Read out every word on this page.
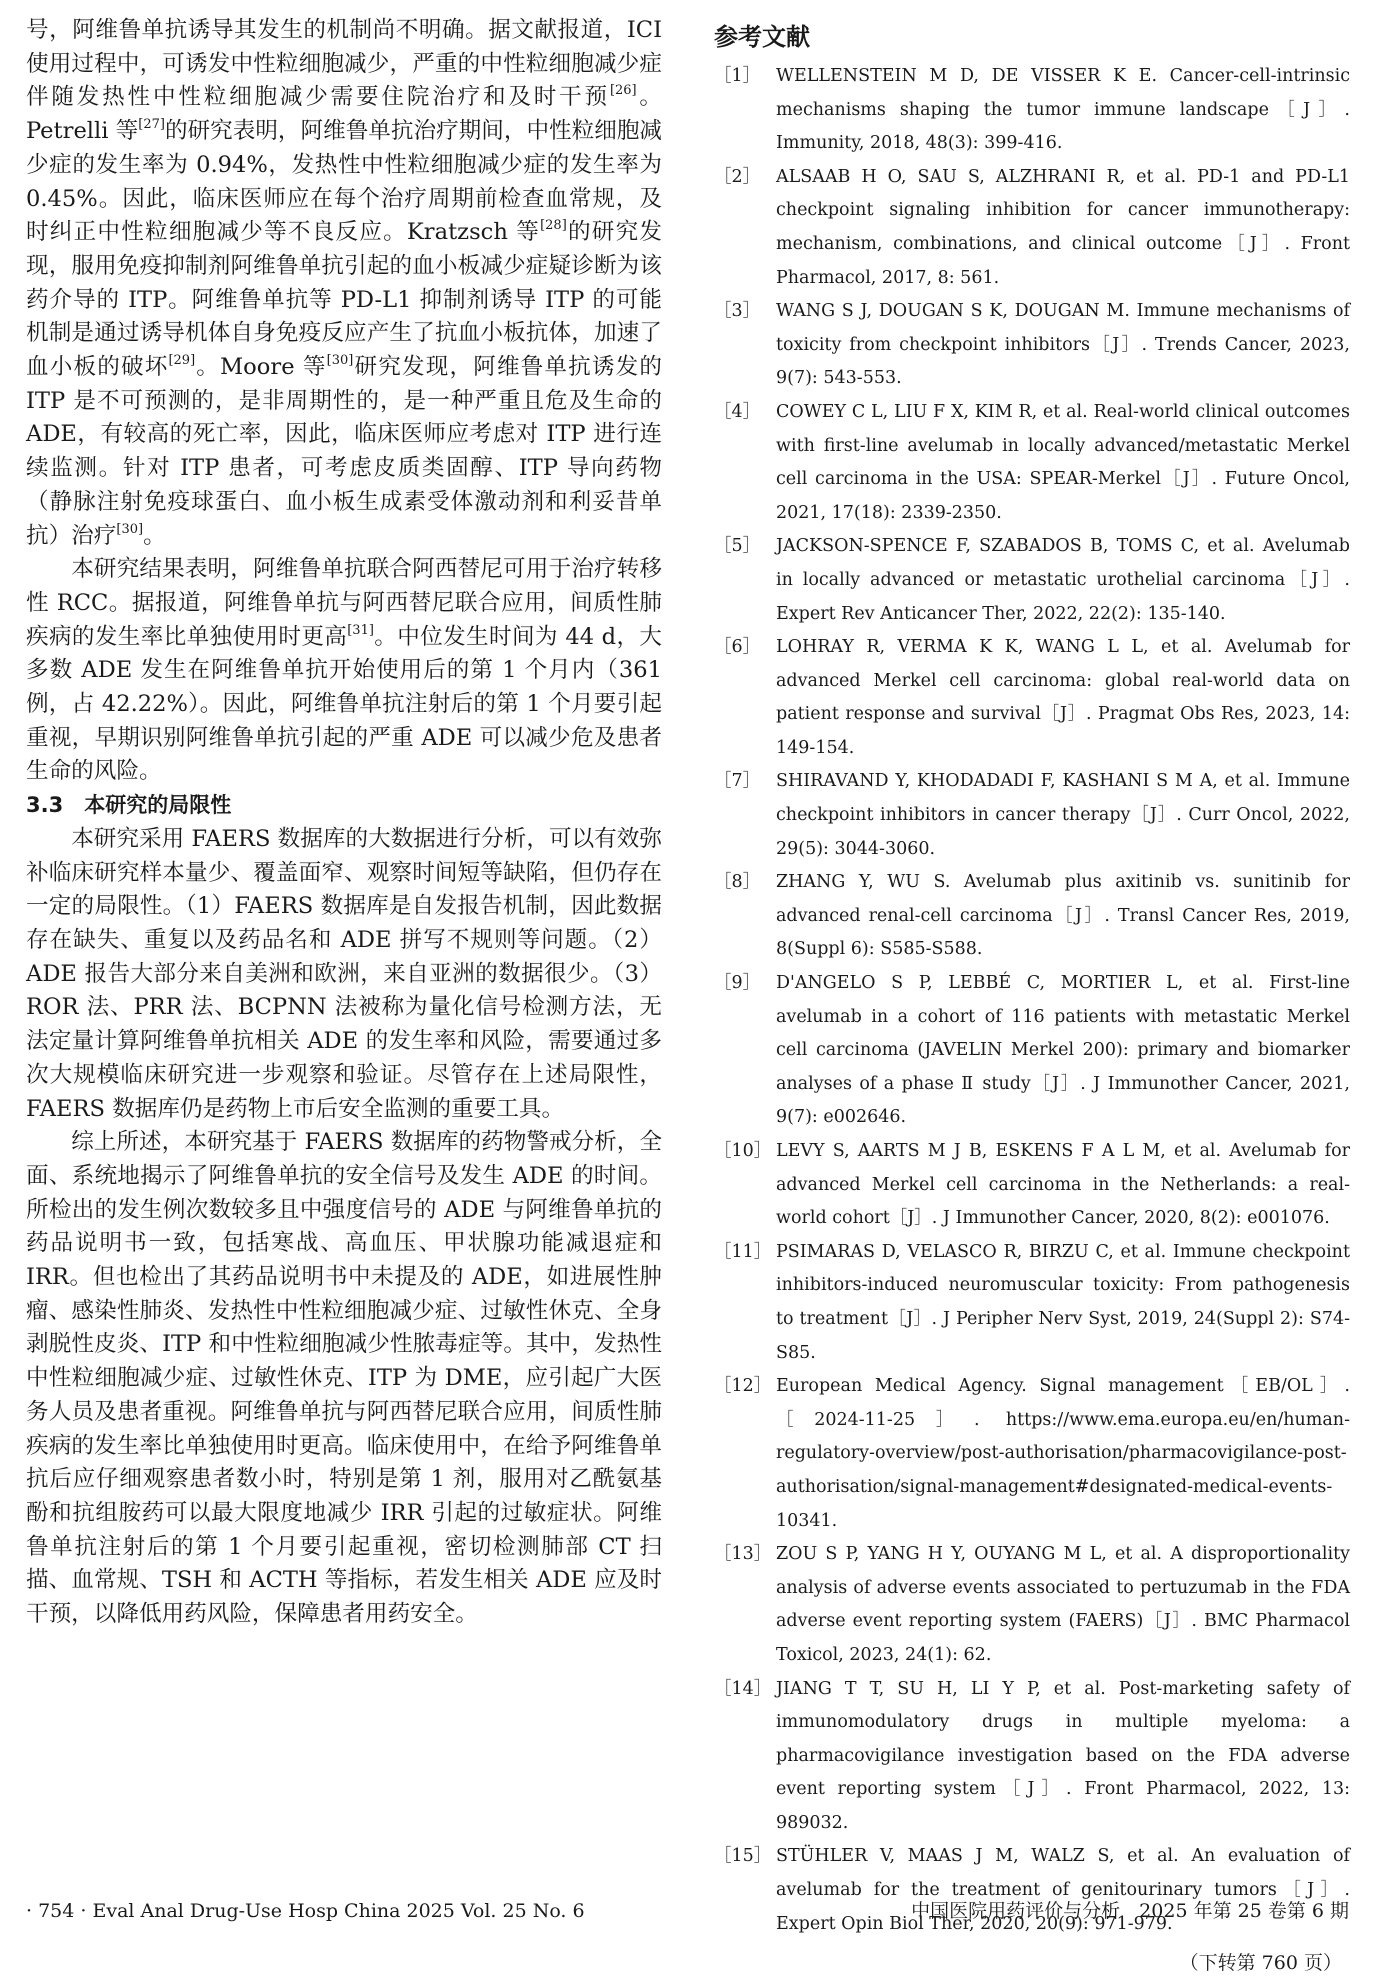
号，阿维鲁单抗诱导其发生的机制尚不明确。据文献报道，ICI使用过程中，可诱发中性粒细胞减少，严重的中性粒细胞减少症伴随发热性中性粒细胞减少需要住院治疗和及时干预[26]。Petrelli 等[27]的研究表明，阿维鲁单抗治疗期间，中性粒细胞减少症的发生率为 0.94%，发热性中性粒细胞减少症的发生率为 0.45%。因此，临床医师应在每个治疗周期前检查血常规，及时纠正中性粒细胞减少等不良反应。Kratzsch 等[28]的研究发现，服用免疫抑制剂阿维鲁单抗引起的血小板减少症疑诊断为该药介导的 ITP。阿维鲁单抗等 PD-L1 抑制剂诱导 ITP 的可能机制是通过诱导机体自身免疫反应产生了抗血小板抗体，加速了血小板的破坏[29]。Moore 等[30]研究发现，阿维鲁单抗诱发的 ITP 是不可预测的，是非周期性的，是一种严重且危及生命的 ADE，有较高的死亡率，因此，临床医师应考虑对 ITP 进行连续监测。针对 ITP 患者，可考虑皮质类固醇、ITP 导向药物（静脉注射免疫球蛋白、血小板生成素受体激动剂和利妥昔单抗）治疗[30]。

本研究结果表明，阿维鲁单抗联合阿西替尼可用于治疗转移性 RCC。据报道，阿维鲁单抗与阿西替尼联合应用，间质性肺疾病的发生率比单独使用时更高[31]。中位发生时间为 44 d，大多数 ADE 发生在阿维鲁单抗开始使用后的第 1 个月内（361 例，占 42.22%）。因此，阿维鲁单抗注射后的第 1 个月要引起重视，早期识别阿维鲁单抗引起的严重 ADE 可以减少危及患者生命的风险。

3.3　本研究的局限性

本研究采用 FAERS 数据库的大数据进行分析，可以有效弥补临床研究样本量少、覆盖面窄、观察时间短等缺陷，但仍存在一定的局限性。（1）FAERS 数据库是自发报告机制，因此数据存在缺失、重复以及药品名和 ADE 拼写不规则等问题。（2）ADE 报告大部分来自美洲和欧洲，来自亚洲的数据很少。（3）ROR 法、PRR 法、BCPNN 法被称为量化信号检测方法，无法定量计算阿维鲁单抗相关 ADE 的发生率和风险，需要通过多次大规模临床研究进一步观察和验证。尽管存在上述局限性，FAERS 数据库仍是药物上市后安全监测的重要工具。

综上所述，本研究基于 FAERS 数据库的药物警戒分析，全面、系统地揭示了阿维鲁单抗的安全信号及发生 ADE 的时间。所检出的发生例次数较多且中强度信号的 ADE 与阿维鲁单抗的药品说明书一致，包括寒战、高血压、甲状腺功能减退症和 IRR。但也检出了其药品说明书中未提及的 ADE，如进展性肿瘤、感染性肺炎、发热性中性粒细胞减少症、过敏性休克、全身剥脱性皮炎、ITP 和中性粒细胞减少性脓毒症等。其中，发热性中性粒细胞减少症、过敏性休克、ITP 为 DME，应引起广大医务人员及患者重视。阿维鲁单抗与阿西替尼联合应用，间质性肺疾病的发生率比单独使用时更高。临床使用中，在给予阿维鲁单抗后应仔细观察患者数小时，特别是第 1 剂，服用对乙酰氨基酚和抗组胺药可以最大限度地减少 IRR 引起的过敏症状。阿维鲁单抗注射后的第 1 个月要引起重视，密切检测肺部 CT 扫描、血常规、TSH 和 ACTH 等指标，若发生相关 ADE 应及时干预，以降低用药风险，保障患者用药安全。

参考文献
［1］ WELLENSTEIN M D, DE VISSER K E. Cancer-cell-intrinsic mechanisms shaping the tumor immune landscape［J］. Immunity, 2018, 48(3): 399-416.
［2］ ALSAAB H O, SAU S, ALZHRANI R, et al. PD-1 and PD-L1 checkpoint signaling inhibition for cancer immunotherapy: mechanism, combinations, and clinical outcome［J］. Front Pharmacol, 2017, 8: 561.
［3］ WANG S J, DOUGAN S K, DOUGAN M. Immune mechanisms of toxicity from checkpoint inhibitors［J］. Trends Cancer, 2023, 9(7): 543-553.
［4］ COWEY C L, LIU F X, KIM R, et al. Real-world clinical outcomes with first-line avelumab in locally advanced/metastatic Merkel cell carcinoma in the USA: SPEAR-Merkel［J］. Future Oncol, 2021, 17(18): 2339-2350.
［5］ JACKSON-SPENCE F, SZABADOS B, TOMS C, et al. Avelumab in locally advanced or metastatic urothelial carcinoma［J］. Expert Rev Anticancer Ther, 2022, 22(2): 135-140.
［6］ LOHRAY R, VERMA K K, WANG L L, et al. Avelumab for advanced Merkel cell carcinoma: global real-world data on patient response and survival［J］. Pragmat Obs Res, 2023, 14: 149-154.
［7］ SHIRAVAND Y, KHODADADI F, KASHANI S M A, et al. Immune checkpoint inhibitors in cancer therapy［J］. Curr Oncol, 2022, 29(5): 3044-3060.
［8］ ZHANG Y, WU S. Avelumab plus axitinib vs. sunitinib for advanced renal-cell carcinoma［J］. Transl Cancer Res, 2019, 8(Suppl 6): S585-S588.
［9］ D'ANGELO S P, LEBBÉ C, MORTIER L, et al. First-line avelumab in a cohort of 116 patients with metastatic Merkel cell carcinoma (JAVELIN Merkel 200): primary and biomarker analyses of a phase Ⅱ study［J］. J Immunother Cancer, 2021, 9(7): e002646.
［10］ LEVY S, AARTS M J B, ESKENS F A L M, et al. Avelumab for advanced Merkel cell carcinoma in the Netherlands: a real-world cohort［J］. J Immunother Cancer, 2020, 8(2): e001076.
［11］ PSIMARAS D, VELASCO R, BIRZU C, et al. Immune checkpoint inhibitors-induced neuromuscular toxicity: From pathogenesis to treatment［J］. J Peripher Nerv Syst, 2019, 24(Suppl 2): S74-S85.
［12］ European Medical Agency. Signal management［EB/OL］.［2024-11-25］. https://www.ema.europa.eu/en/human-regulatory-overview/post-authorisation/pharmacovigilance-post-authorisation/signal-management#designated-medical-events-10341.
［13］ ZOU S P, YANG H Y, OUYANG M L, et al. A disproportionality analysis of adverse events associated to pertuzumab in the FDA adverse event reporting system (FAERS)［J］. BMC Pharmacol Toxicol, 2023, 24(1): 62.
［14］ JIANG T T, SU H, LI Y P, et al. Post-marketing safety of immunomodulatory drugs in multiple myeloma: a pharmacovigilance investigation based on the FDA adverse event reporting system［J］. Front Pharmacol, 2022, 13: 989032.
［15］ STÜHLER V, MAAS J M, WALZ S, et al. An evaluation of avelumab for the treatment of genitourinary tumors［J］. Expert Opin Biol Ther, 2020, 20(9): 971-979.
（下转第 760 页）
· 754 · Eval Anal Drug-Use Hosp China 2025 Vol. 25 No. 6	中国医院用药评价与分析　2025 年第 25 卷第 6 期
